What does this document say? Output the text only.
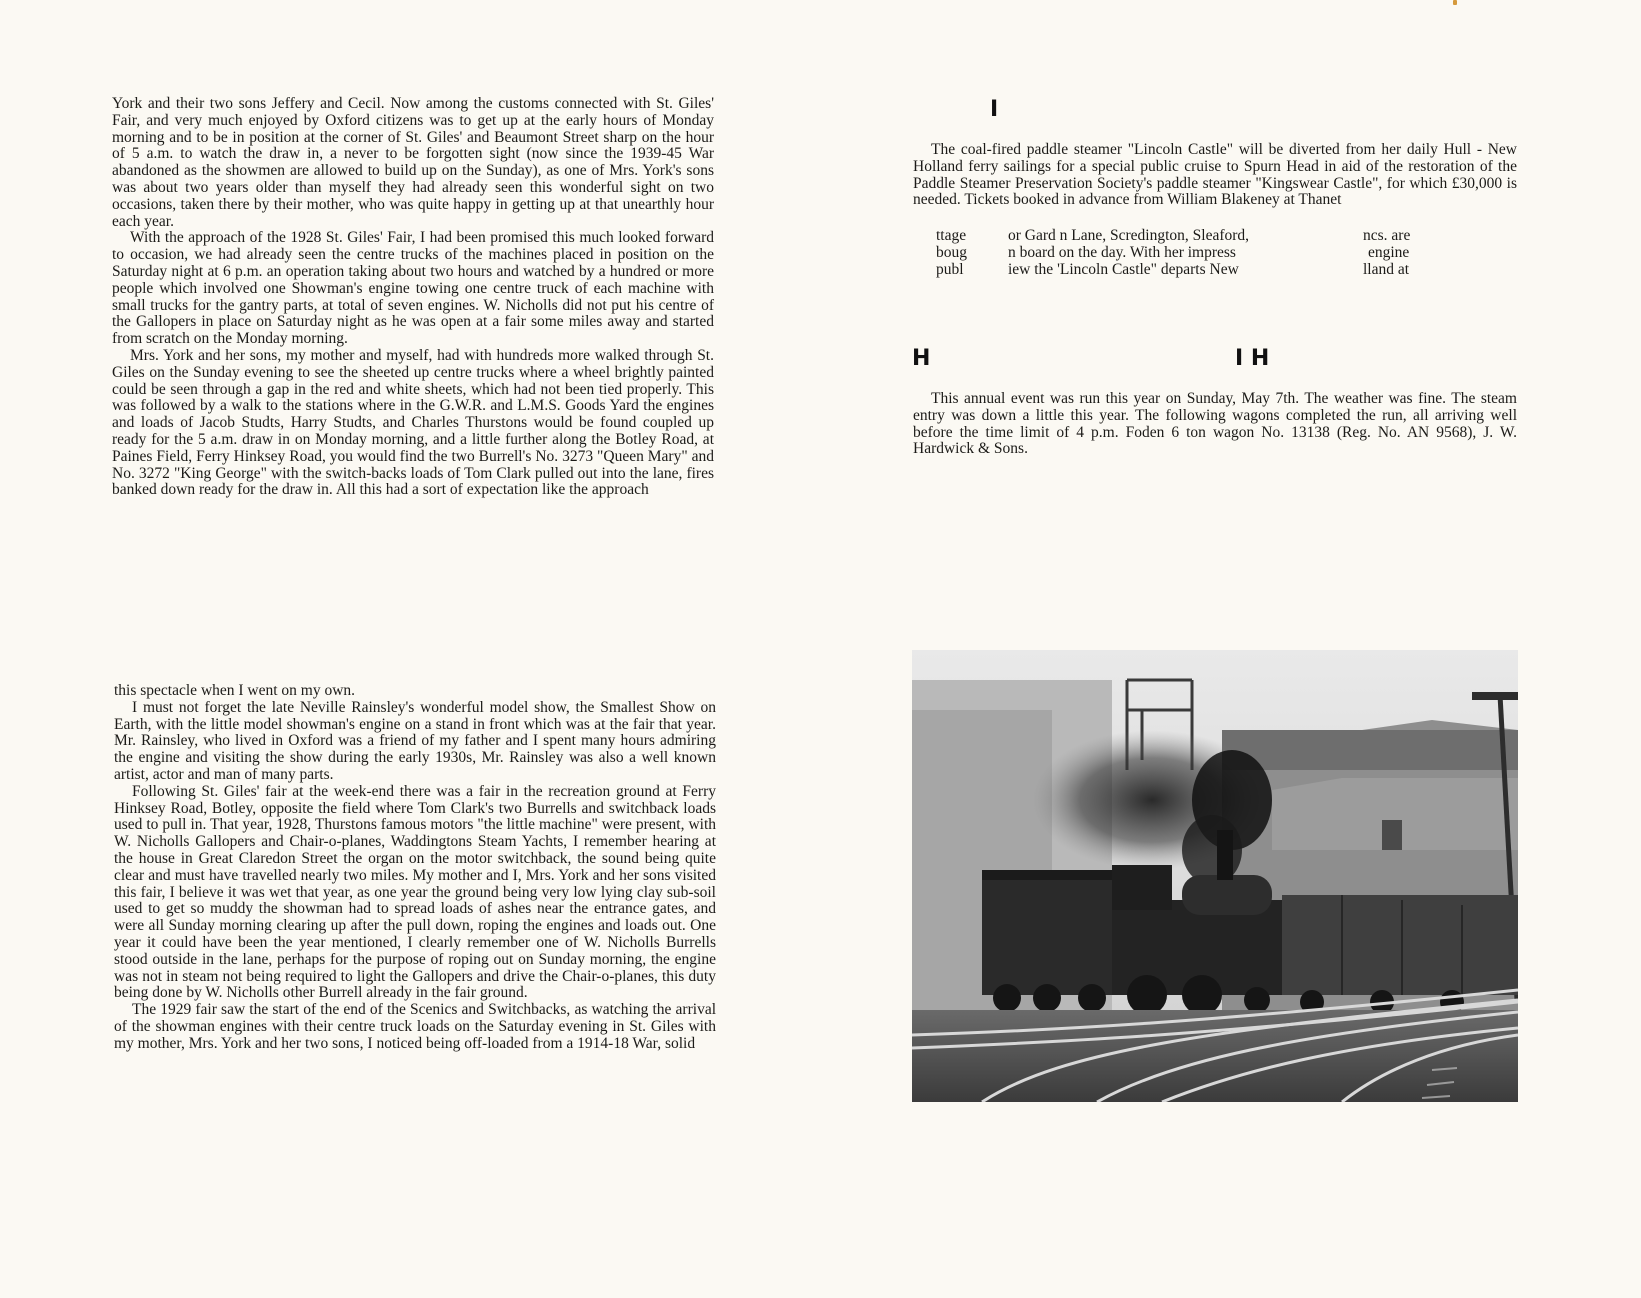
York and their two sons Jeffery and Cecil. Now among the customs connected with St. Giles' Fair, and very much enjoyed by Oxford citizens was to get up at the early hours of Monday morning and to be in position at the corner of St. Giles' and Beaumont Street sharp on the hour of 5 a.m. to watch the draw in, a never to be forgotten sight (now since the 1939-45 War abandoned as the showmen are allowed to build up on the Sunday), as one of Mrs. York's sons was about two years older than myself they had already seen this wonderful sight on two occasions, taken there by their mother, who was quite happy in getting up at that unearthly hour each year.

With the approach of the 1928 St. Giles' Fair, I had been promised this much looked forward to occasion, we had already seen the centre trucks of the machines placed in position on the Saturday night at 6 p.m. an operation taking about two hours and watched by a hundred or more people which involved one Showman's engine towing one centre truck of each machine with small trucks for the gantry parts, at total of seven engines. W. Nicholls did not put his centre of the Gallopers in place on Saturday night as he was open at a fair some miles away and started from scratch on the Monday morning.

Mrs. York and her sons, my mother and myself, had with hundreds more walked through St. Giles on the Sunday evening to see the sheeted up centre trucks where a wheel brightly painted could be seen through a gap in the red and white sheets, which had not been tied properly. This was followed by a walk to the stations where in the G.W.R. and L.M.S. Goods Yard the engines and loads of Jacob Studts, Harry Studts, and Charles Thurstons would be found coupled up ready for the 5 a.m. draw in on Monday morning, and a little further along the Botley Road, at Paines Field, Ferry Hinksey Road, you would find the two Burrell's No. 3273 "Queen Mary" and No. 3272 "King George" with the switch-backs loads of Tom Clark pulled out into the lane, fires banked down ready for the draw in. All this had a sort of expectation like the approach

this spectacle when I went on my own.

I must not forget the late Neville Rainsley's wonderful model show, the Smallest Show on Earth, with the little model showman's engine on a stand in front which was at the fair that year. Mr. Rainsley, who lived in Oxford was a friend of my father and I spent many hours admiring the engine and visiting the show during the early 1930s, Mr. Rainsley was also a well known artist, actor and man of many parts.

Following St. Giles' fair at the week-end there was a fair in the recreation ground at Ferry Hinksey Road, Botley, opposite the field where Tom Clark's two Burrells and switchback loads used to pull in. That year, 1928, Thurstons famous motors "the little machine" were present, with W. Nicholls Gallopers and Chair-o-planes, Waddingtons Steam Yachts, I remember hearing at the house in Great Claredon Street the organ on the motor switchback, the sound being quite clear and must have travelled nearly two miles. My mother and I, Mrs. York and her sons visited this fair, I believe it was wet that year, as one year the ground being very low lying clay sub-soil used to get so muddy the showman had to spread loads of ashes near the entrance gates, and were all Sunday morning clearing up after the pull down, roping the engines and loads out. One year it could have been the year mentioned, I clearly remember one of W. Nicholls Burrells stood outside in the lane, perhaps for the purpose of roping out on Sunday morning, the engine was not in steam not being required to light the Gallopers and drive the Chair-o-planes, this duty being done by W. Nicholls other Burrell already in the fair ground.

The 1929 fair saw the start of the end of the Scenics and Switchbacks, as watching the arrival of the showman engines with their centre truck loads on the Saturday evening in St. Giles with my mother, Mrs. York and her two sons, I noticed being off-loaded from a 1914-18 War, solid

I

The coal-fired paddle steamer "Lincoln Castle" will be diverted from her daily Hull - New Holland ferry sailings for a special public cruise to Spurn Head in aid of the restoration of the Paddle Steamer Preservation Society's paddle steamer "Kingswear Castle", for which £30,000 is needed. Tickets booked in advance from William Blakeney at Thanet

ttage	or Gard n Lane, Scredington, Sleaford,	ncs. are
boug	n board on the day. With her impress	engine
publ	iew the 'Lincoln Castle" departs New	lland at
H	I H

This annual event was run this year on Sunday, May 7th. The weather was fine. The steam entry was down a little this year. The following wagons completed the run, all arriving well before the time limit of 4 p.m. Foden 6 ton wagon No. 13138 (Reg. No. AN 9568), J. W. Hardwick & Sons.
